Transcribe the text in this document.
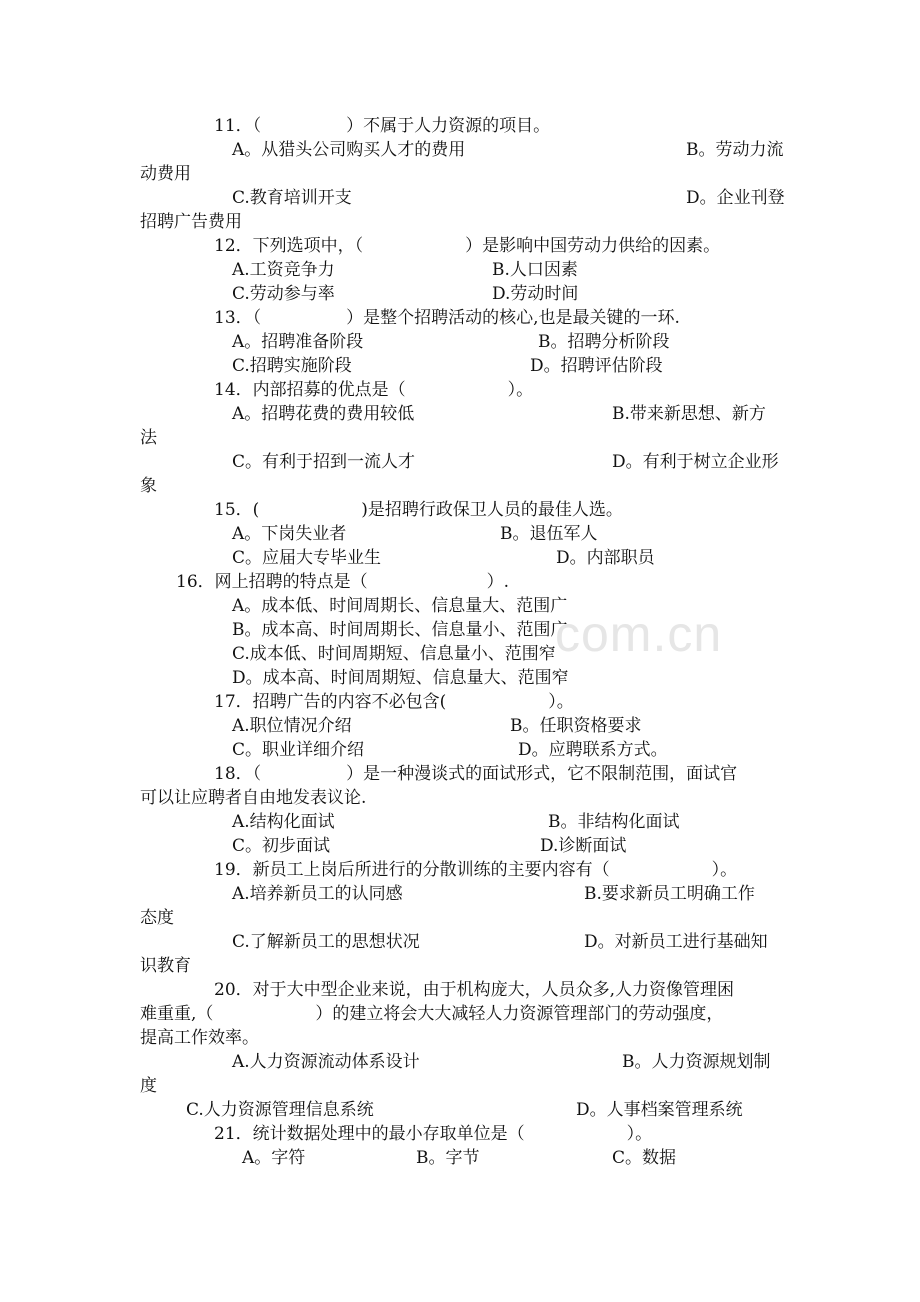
com.cn
11．（　　　　　）不属于人力资源的项目。
A。从猎头公司购买人才的费用	B。劳动力流
动费用
C.教育培训开支	D。企业刊登
招聘广告费用
12．下列选项中，（　　　　　　）是影响中国劳动力供给的因素。
A.工资竞争力	B.人口因素
C.劳动参与率	D.劳动时间
13．（　　　　　）是整个招聘活动的核心,也是最关键的一环.
A。招聘准备阶段	B。招聘分析阶段
C.招聘实施阶段	D。招聘评估阶段
14．内部招募的优点是（　　　　　　）。
A。招聘花费的费用较低	B.带来新思想、新方
法
C。有利于招到一流人才	D。有利于树立企业形
象
15．(　　　　　　)是招聘行政保卫人员的最佳人选。
A。下岗失业者	B。退伍军人
C。应届大专毕业生	D。内部职员
16．网上招聘的特点是（　　　　　　　）.
A。成本低、时间周期长、信息量大、范围广
B。成本高、时间周期长、信息量小、范围广
C.成本低、时间周期短、信息量小、范围窄
D。成本高、时间周期短、信息量大、范围窄
17．招聘广告的内容不必包含(　　　　　　）。
A.职位情况介绍	B。任职资格要求
C。职业详细介绍	D。应聘联系方式。
18．（　　　　　）是一种漫谈式的面试形式，它不限制范围，面试官
可以让应聘者自由地发表议论.
A.结构化面试	B。非结构化面试
C。初步面试	D.诊断面试
19．新员工上岗后所进行的分散训练的主要内容有（　　　　　　）。
A.培养新员工的认同感	B.要求新员工明确工作
态度
C.了解新员工的思想状况	D。对新员工进行基础知
识教育
20．对于大中型企业来说，由于机构庞大，人员众多,人力资像管理困
难重重,（　　　　　　）的建立将会大大减轻人力资源管理部门的劳动强度，
提高工作效率。
A.人力资源流动体系设计	B。人力资源规划制
度
C.人力资源管理信息系统	D。人事档案管理系统
21．统计数据处理中的最小存取单位是（　　　　　　）。
A。字符	B。字节	C。数据
